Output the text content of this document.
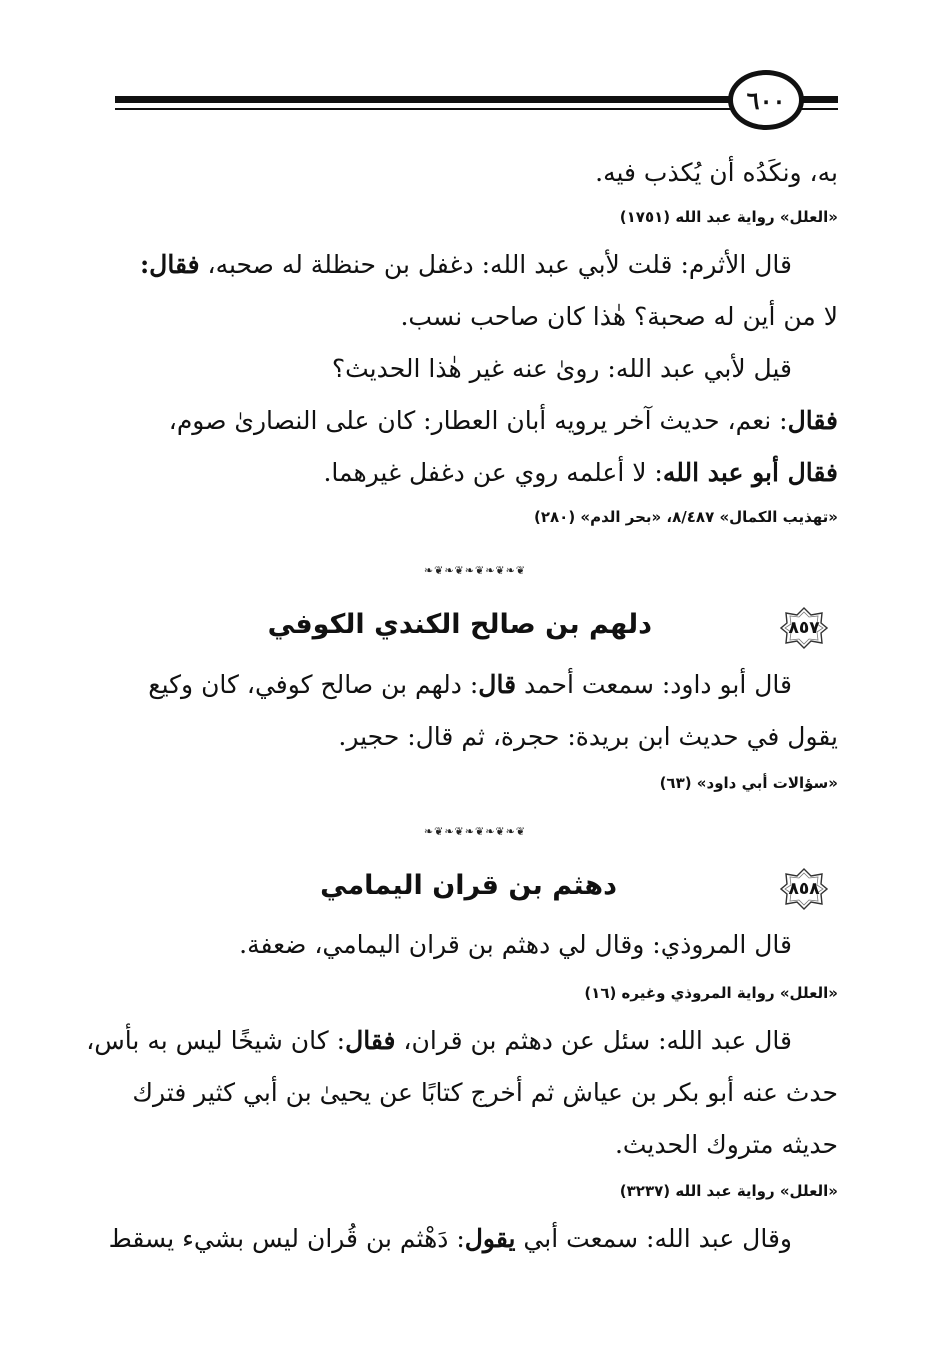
٦٠٠
به، ونكَدُه أن يُكذب فيه.
«العلل» رواية عبد الله (١٧٥١)
قال الأثرم: قلت لأبي عبد الله: دغفل بن حنظلة له صحبه، فقال:
لا من أين له صحبة؟ هٰذا كان صاحب نسب.
قيل لأبي عبد الله: رویٰ عنه غير هٰذا الحديث؟
فقال: نعم، حديث آخر يرويه أبان العطار: كان على النصارىٰ صوم،
فقال أبو عبد الله: لا أعلمه روي عن دغفل غيرهما.
«تهذيب الكمال» ٨/٤٨٧، «بحر الدم» (٢٨٠)
❧❦❧❦❧❦❧❦❧❦
٨٥٧
دلهم بن صالح الكندي الكوفي
قال أبو داود: سمعت أحمد قال: دلهم بن صالح كوفي، كان وكيع
يقول في حديث ابن بريدة: حجرة، ثم قال: حجير.
«سؤالات أبي داود» (٦٣)
❧❦❧❦❧❦❧❦❧❦
٨٥٨
دهثم بن قران اليمامي
قال المروذي: وقال لي دهثم بن قران اليمامي، ضعفة.
«العلل» رواية المروذي وغيره (١٦)
قال عبد الله: سئل عن دهثم بن قران، فقال: كان شيخًا ليس به بأس،
حدث عنه أبو بكر بن عياش ثم أخرج كتابًا عن يحيىٰ بن أبي كثير فترك
حديثه متروك الحديث.
«العلل» رواية عبد الله (٣٢٣٧)
وقال عبد الله: سمعت أبي يقول: دَهْثم بن قُران ليس بشيء يسقط
